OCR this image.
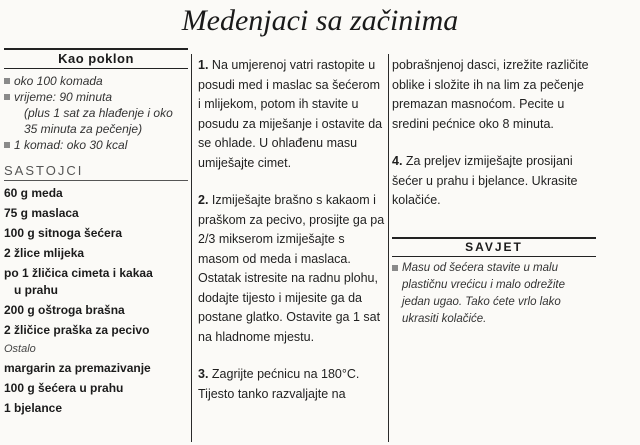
Medenjaci sa začinima
Kao poklon
oko 100 komada
vrijeme: 90 minuta
(plus 1 sat za hlađenje i oko
35 minuta za pečenje)
1 komad: oko 30 kcal
SASTOJCI
60 g meda
75 g maslaca
100 g sitnoga šećera
2 žlice mlijeka
po 1 žličica cimeta i kakaa
u prahu
200 g oštroga brašna
2 žličice praška za pecivo
Ostalo
margarin za premazivanje
100 g šećera u prahu
1 bjelance

1. Na umjerenoj vatri rastopite u posudi med i maslac sa šećerom i mlijekom, potom ih stavite u posudu za miješanje i ostavite da se ohlade. U ohlađenu masu umiješajte cimet.

2. Izmiješajte brašno s kakaom i praškom za pecivo, prosijte ga pa 2/3 mikserom izmiješajte s masom od meda i maslaca. Ostatak istresite na radnu plohu, dodajte tijesto i mijesite ga da postane glatko. Ostavite ga 1 sat na hladnome mjestu.

3. Zagrijte pećnicu na 180°C. Tijesto tanko razvaljajte na

pobrašnjenoj dasci, izrežite različite oblike i složite ih na lim za pečenje premazan masnoćom. Pecite u sredini pećnice oko 8 minuta.

4. Za preljev izmiješajte prosijani šećer u prahu i bjelance. Ukrasite kolačiće.

SAVJET
Masu od šećera stavite u malu plastičnu vrećicu i malo odrežite jedan ugao. Tako ćete vrlo lako ukrasiti kolačiće.
